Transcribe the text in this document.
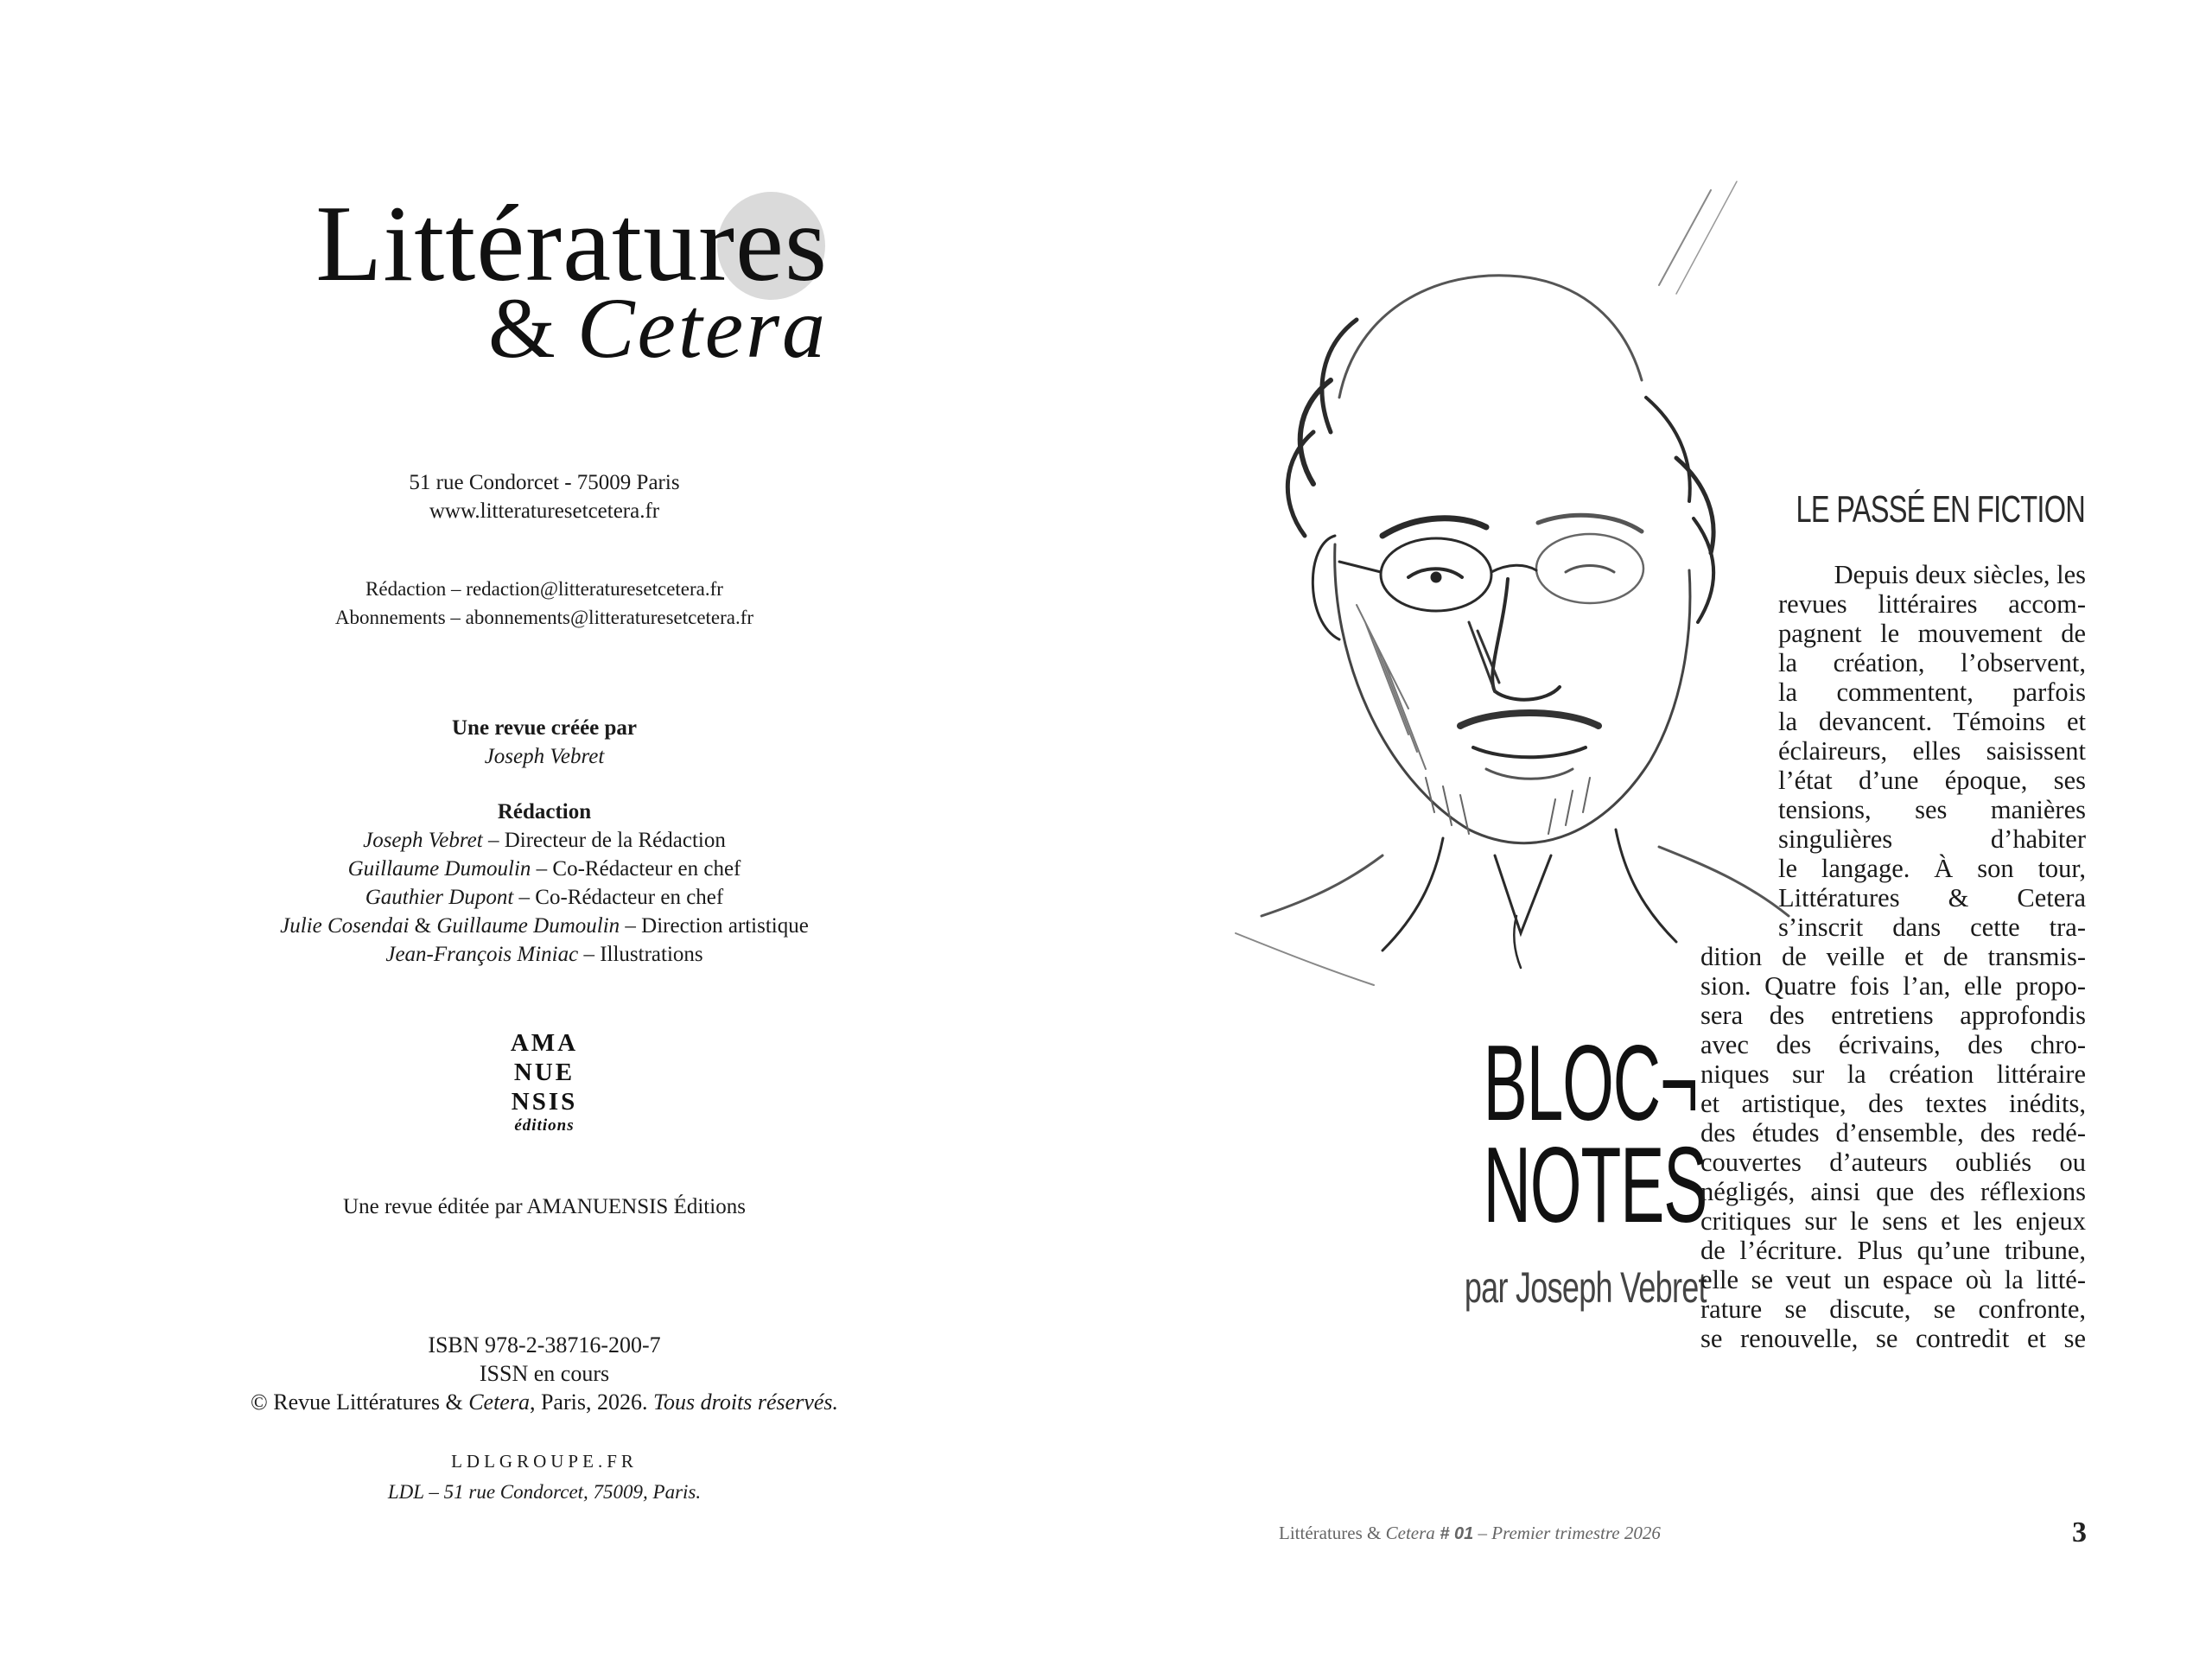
Littératures
& Cetera
51 rue Condorcet - 75009 Paris
www.litteraturesetcetera.fr
Rédaction – redaction@litteraturesetcetera.fr
Abonnements – abonnements@litteraturesetcetera.fr
Une revue créée par
Joseph Vebret
Rédaction
Joseph Vebret – Directeur de la Rédaction
Guillaume Dumoulin – Co-Rédacteur en chef
Gauthier Dupont – Co-Rédacteur en chef
Julie Cosendai & Guillaume Dumoulin – Direction artistique
Jean-François Miniac – Illustrations
AMA
NUE
NSIS
éditions
Une revue éditée par AMANUENSIS Éditions
ISBN 978-2-38716-200-7
ISSN en cours
© Revue Littératures & Cetera, Paris, 2026. Tous droits réservés.
LDLGROUPE.FR
LDL – 51 rue Condorcet, 75009, Paris.
LE PASSÉ EN FICTION
BLOC¬
NOTES
par Joseph Vebret
Depuis deux siècles, les
revues littéraires accom-
pagnent le mouvement de
la création, l’observent,
la commentent, parfois
la devancent. Témoins et
éclaireurs, elles saisissent
l’état d’une époque, ses
tensions, ses manières
singulières d’habiter
le langage. À son tour,
Littératures & Cetera
s’inscrit dans cette tra-
dition de veille et de transmis-
sion. Quatre fois l’an, elle propo-
sera des entretiens approfondis
avec des écrivains, des chro-
niques sur la création littéraire
et artistique, des textes inédits,
des études d’ensemble, des redé-
couvertes d’auteurs oubliés ou
négligés, ainsi que des réflexions
critiques sur le sens et les enjeux
de l’écriture. Plus qu’une tribune,
elle se veut un espace où la litté-
rature se discute, se confronte,
se renouvelle, se contredit et se
Littératures & Cetera # 01 – Premier trimestre 2026	3
